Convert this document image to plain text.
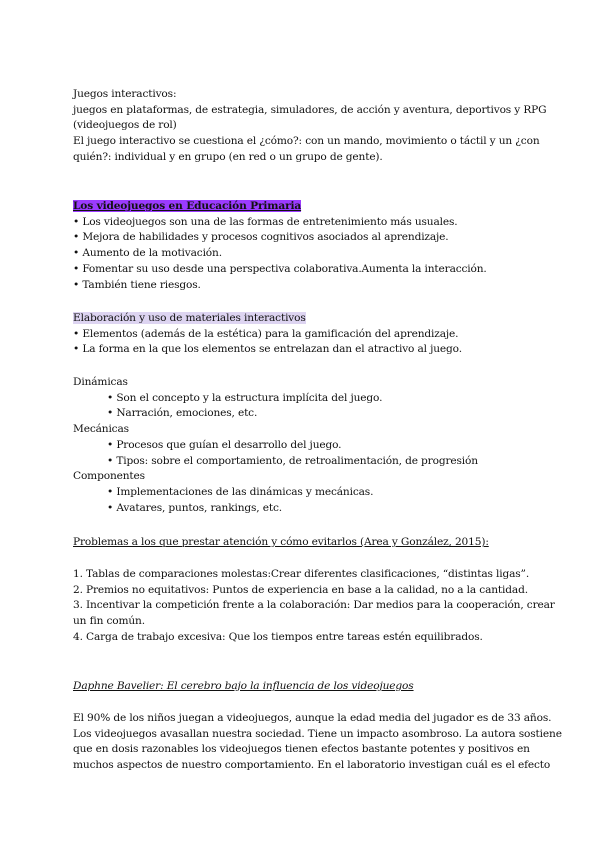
Juegos interactivos:
juegos en plataformas, de estrategia, simuladores, de acción y aventura, deportivos y RPG
(videojuegos de rol)
El juego interactivo se cuestiona el ¿cómo?: con un mando, movimiento o táctil y un ¿con
quién?: individual y en grupo (en red o un grupo de gente).
Los videojuegos en Educación Primaria
• Los videojuegos son una de las formas de entretenimiento más usuales.
• Mejora de habilidades y procesos cognitivos asociados al aprendizaje.
• Aumento de la motivación.
• Fomentar su uso desde una perspectiva colaborativa.Aumenta la interacción.
• También tiene riesgos.
Elaboración y uso de materiales interactivos
• Elementos (además de la estética) para la gamificación del aprendizaje.
• La forma en la que los elementos se entrelazan dan el atractivo al juego.
Dinámicas
• Son el concepto y la estructura implícita del juego.
• Narración, emociones, etc.
Mecánicas
• Procesos que guían el desarrollo del juego.
• Tipos: sobre el comportamiento, de retroalimentación, de progresión
Componentes
• Implementaciones de las dinámicas y mecánicas.
• Avatares, puntos, rankings, etc.
Problemas a los que prestar atención y cómo evitarlos (Area y González, 2015):
1. Tablas de comparaciones molestas:Crear diferentes clasificaciones, “distintas ligas”.
2. Premios no equitativos: Puntos de experiencia en base a la calidad, no a la cantidad.
3. Incentivar la competición frente a la colaboración: Dar medios para la cooperación, crear
un fin común.
4. Carga de trabajo excesiva: Que los tiempos entre tareas estén equilibrados.
Daphne Bavelier: El cerebro bajo la influencia de los videojuegos
El 90% de los niños juegan a videojuegos, aunque la edad media del jugador es de 33 años.
Los videojuegos avasallan nuestra sociedad. Tiene un impacto asombroso. La autora sostiene
que en dosis razonables los videojuegos tienen efectos bastante potentes y positivos en
muchos aspectos de nuestro comportamiento. En el laboratorio investigan cuál es el efecto
